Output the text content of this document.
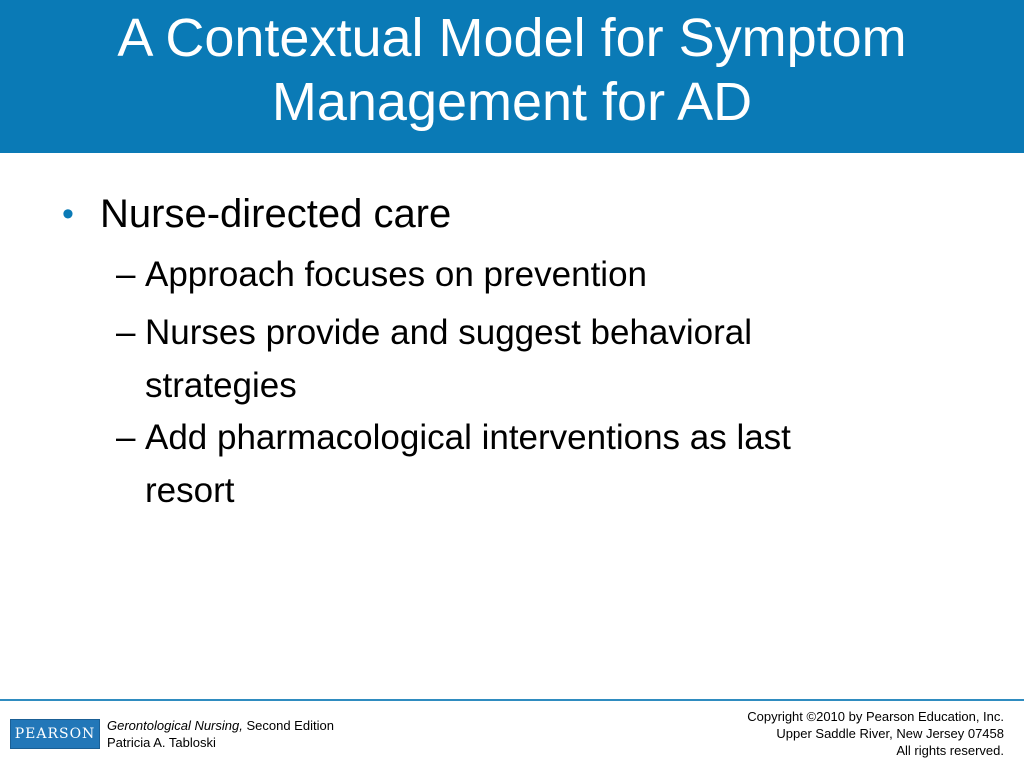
A Contextual Model for Symptom
Management for AD
• Nurse-directed care
– Approach focuses on prevention
– Nurses provide and suggest behavioral
strategies
– Add pharmacological interventions as last
resort
PEARSON
Gerontological Nursing, Second Edition
Patricia A. Tabloski
Copyright ©2010 by Pearson Education, Inc.
Upper Saddle River, New Jersey 07458
All rights reserved.
